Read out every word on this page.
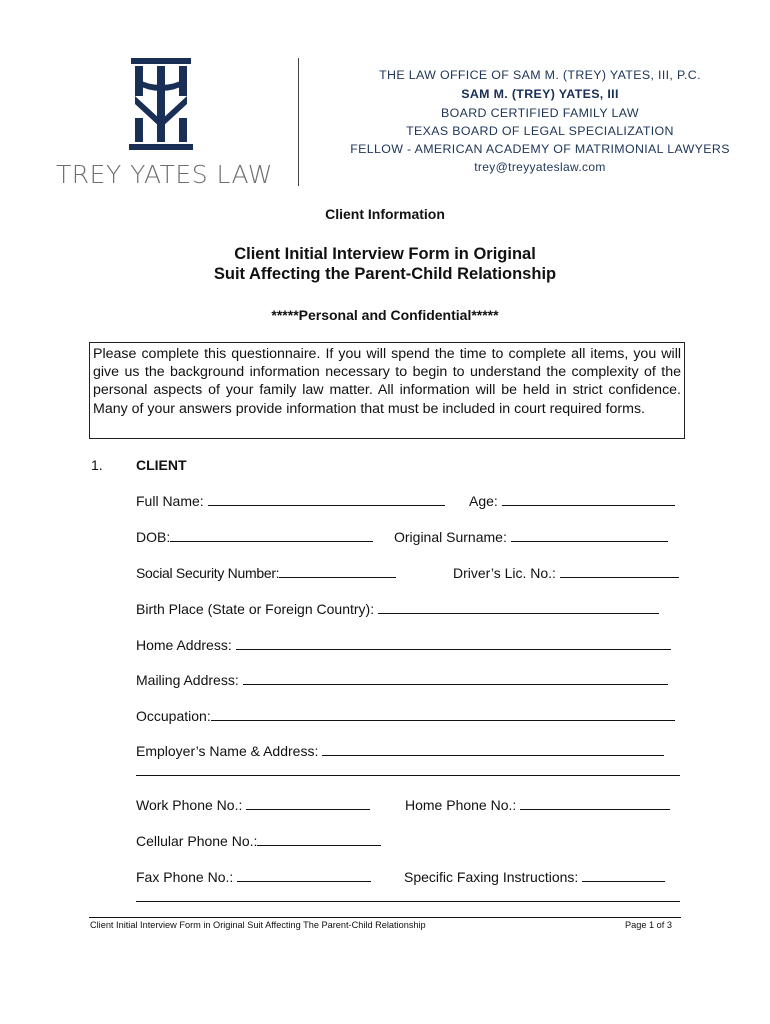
TREY YATES LAW
THE LAW OFFICE OF SAM M. (TREY) YATES, III, P.C.
SAM M. (TREY) YATES, III
BOARD CERTIFIED FAMILY LAW
TEXAS BOARD OF LEGAL SPECIALIZATION
FELLOW - AMERICAN ACADEMY OF MATRIMONIAL LAWYERS
trey@treyyateslaw.com
Client Information
Client Initial Interview Form in Original
Suit Affecting the Parent-Child Relationship
*****Personal and Confidential*****
Please complete this questionnaire. If you will spend the time to complete all items, you will give us the background information necessary to begin to understand the complexity of the personal aspects of your family law matter. All information will be held in strict confidence. Many of your answers provide information that must be included in court required forms.
1. CLIENT
Full Name:	Age:
DOB:	Original Surname:
Social Security Number:	Driver’s Lic. No.:
Birth Place (State or Foreign Country):
Home Address:
Mailing Address:
Occupation:
Employer’s Name & Address:
Work Phone No.:	Home Phone No.:
Cellular Phone No.:
Fax Phone No.:	Specific Faxing Instructions:
Client Initial Interview Form in Original Suit Affecting The Parent-Child Relationship	Page 1 of 3
